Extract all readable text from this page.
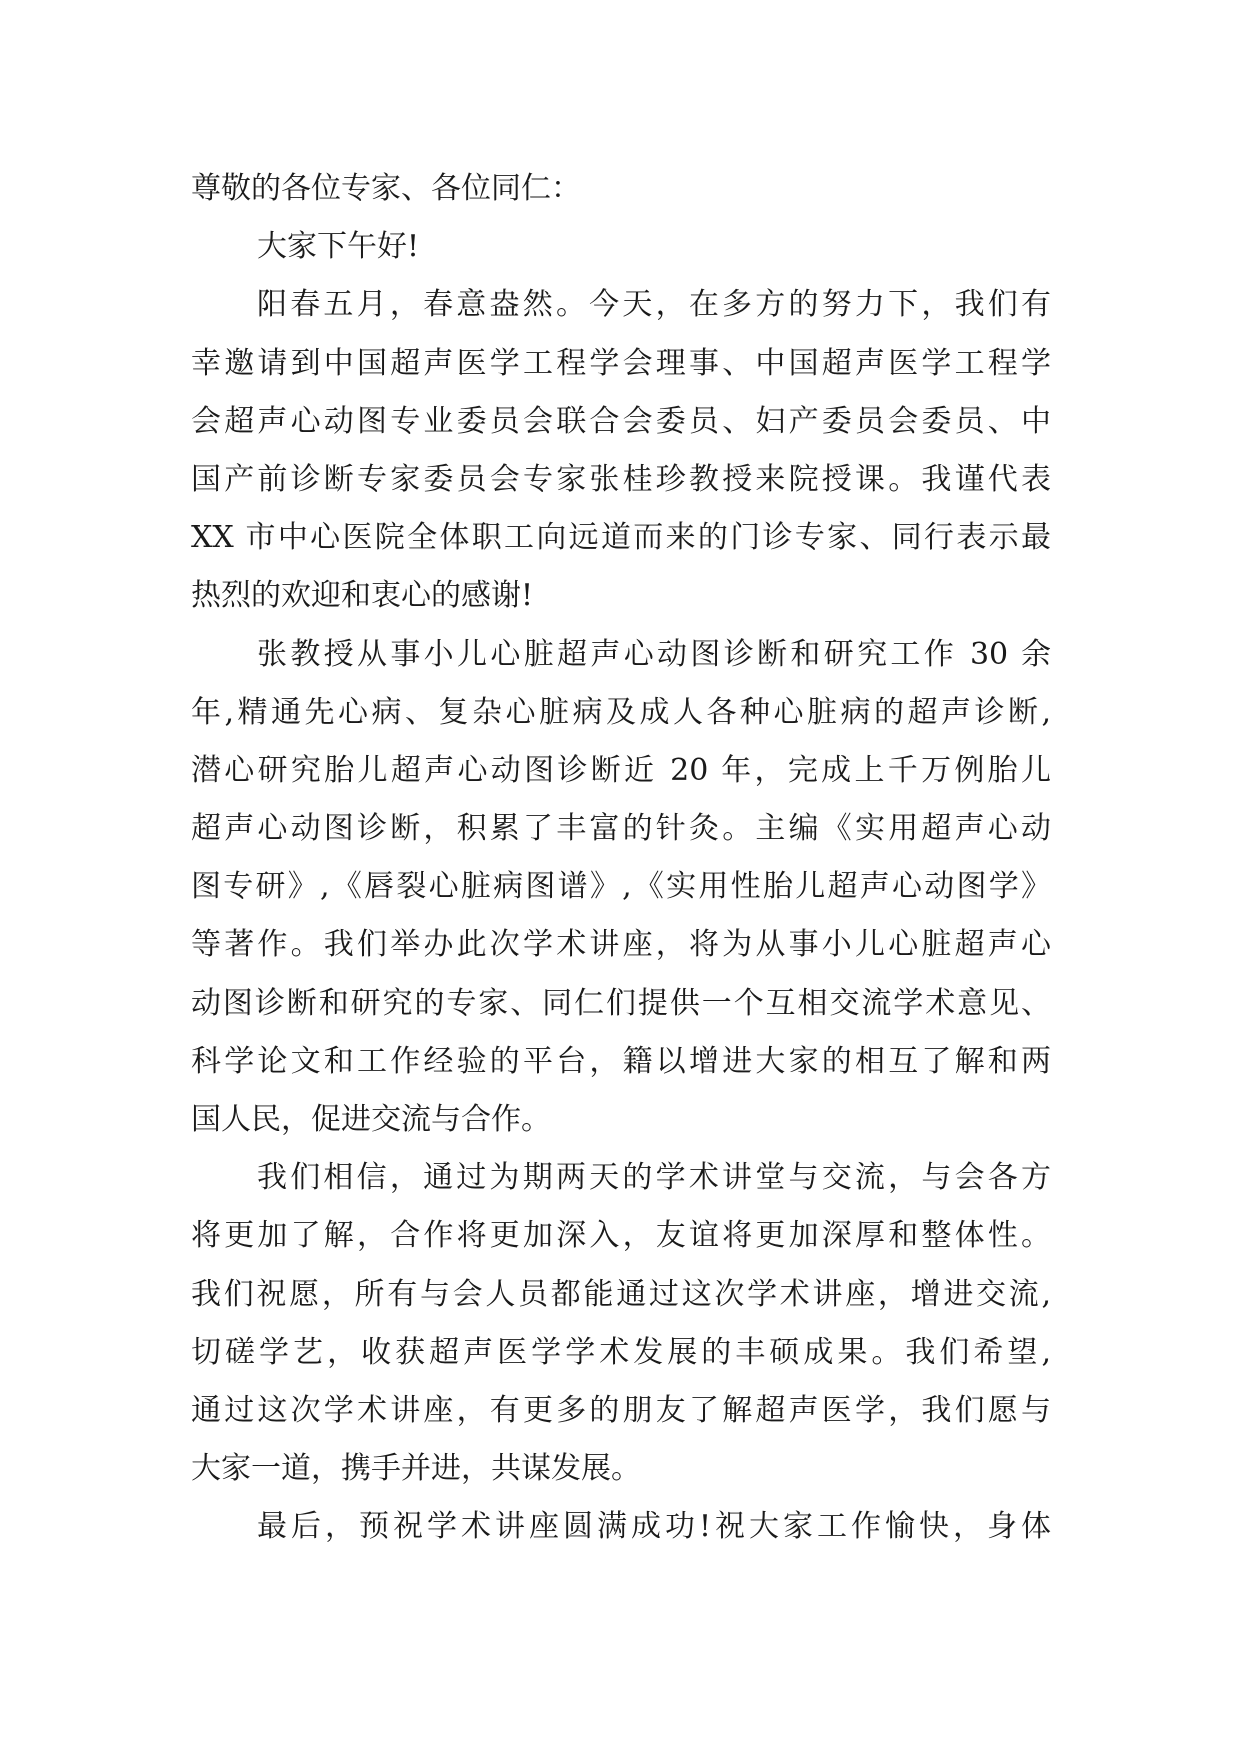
尊敬的各位专家、各位同仁：
大家下午好!
阳春五月，春意盎然。今天，在多方的努力下，我们有
幸邀请到中国超声医学工程学会理事、中国超声医学工程学
会超声心动图专业委员会联合会委员、妇产委员会委员、中
国产前诊断专家委员会专家张桂珍教授来院授课。我谨代表
XX 市中心医院全体职工向远道而来的门诊专家、同行表示最
热烈的欢迎和衷心的感谢!
张教授从事小儿心脏超声心动图诊断和研究工作 30 余
年,精通先心病、复杂心脏病及成人各种心脏病的超声诊断,
潜心研究胎儿超声心动图诊断近 20 年，完成上千万例胎儿
超声心动图诊断，积累了丰富的针灸。主编《实用超声心动
图专研》,《唇裂心脏病图谱》,《实用性胎儿超声心动图学》
等著作。我们举办此次学术讲座，将为从事小儿心脏超声心
动图诊断和研究的专家、同仁们提供一个互相交流学术意见、
科学论文和工作经验的平台，籍以增进大家的相互了解和两
国人民，促进交流与合作。
我们相信，通过为期两天的学术讲堂与交流，与会各方
将更加了解，合作将更加深入，友谊将更加深厚和整体性。
我们祝愿，所有与会人员都能通过这次学术讲座，增进交流,
切磋学艺，收获超声医学学术发展的丰硕成果。我们希望,
通过这次学术讲座，有更多的朋友了解超声医学，我们愿与
大家一道，携手并进，共谋发展。
最后，预祝学术讲座圆满成功!祝大家工作愉快，身体
